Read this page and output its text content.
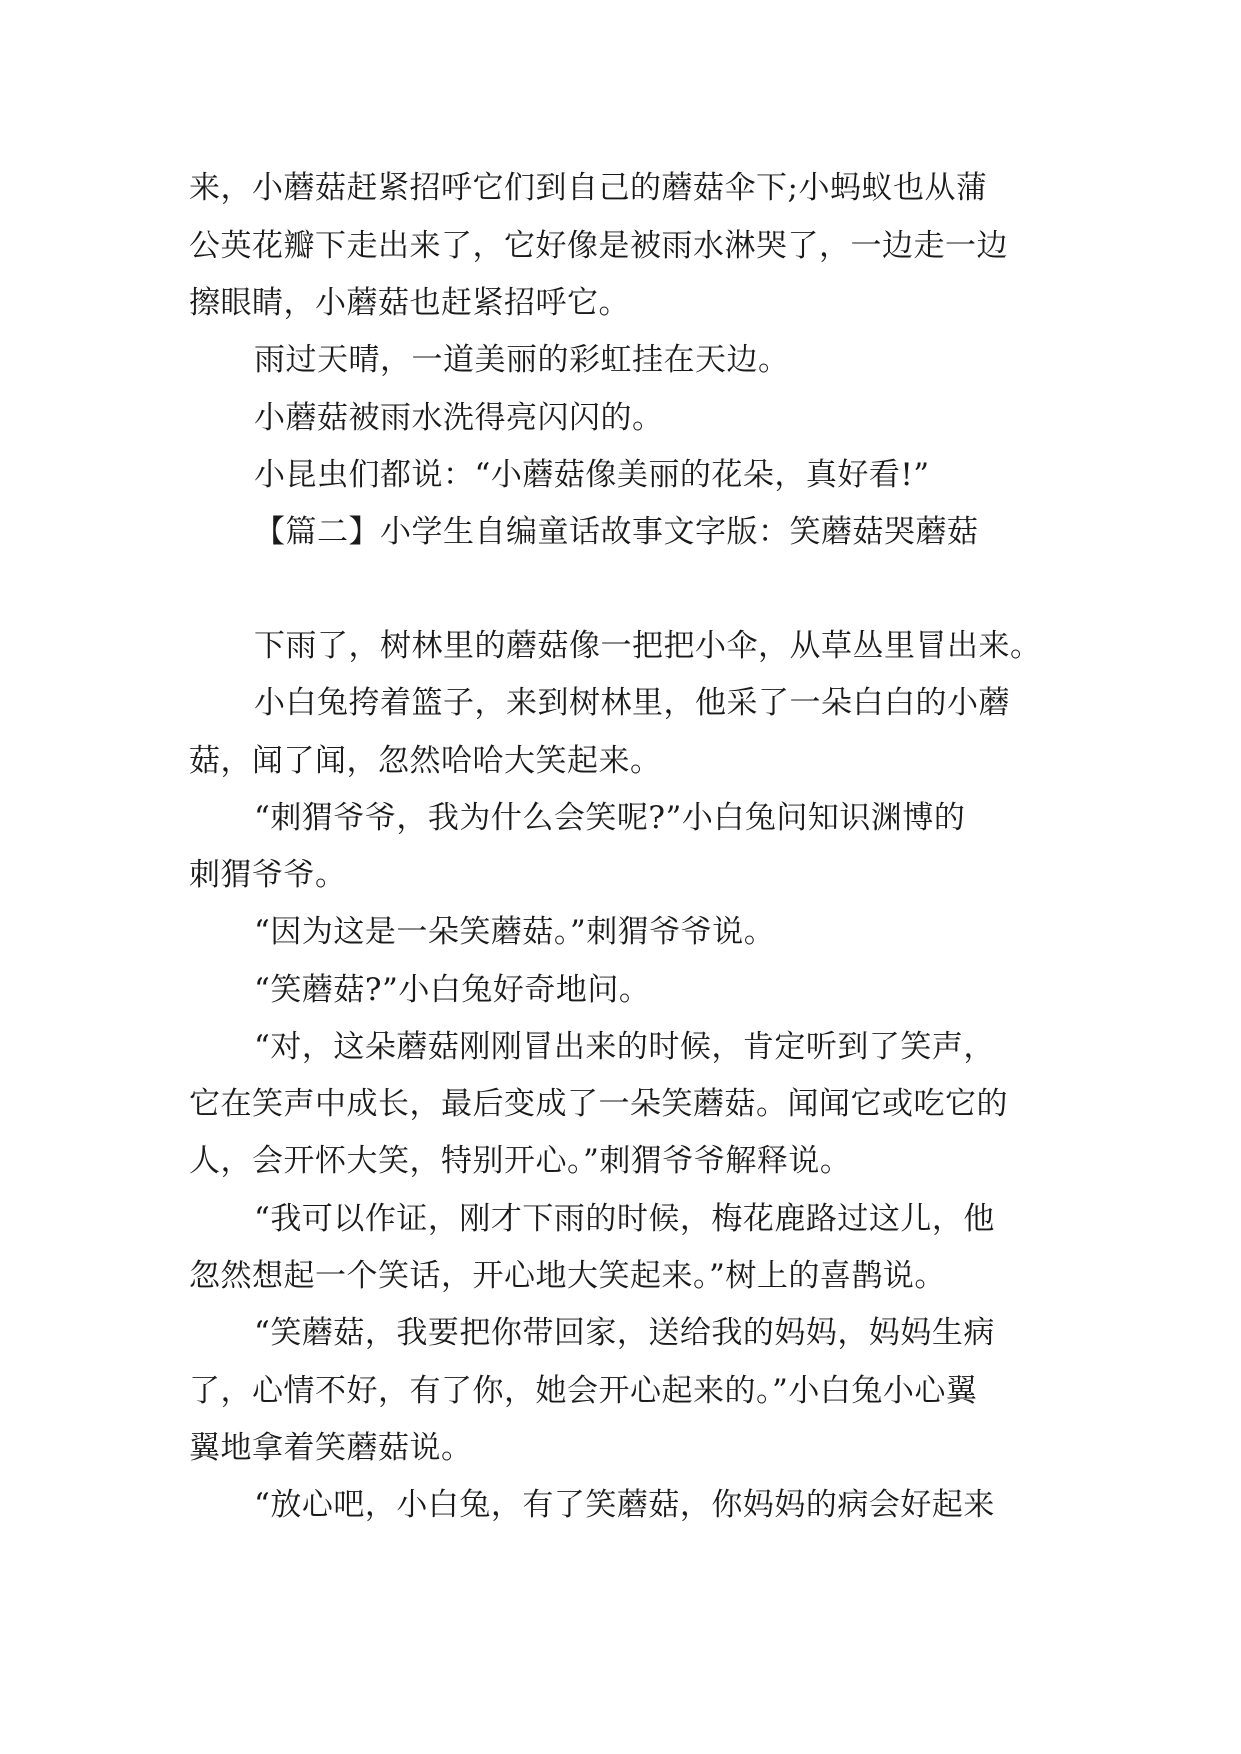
来，小蘑菇赶紧招呼它们到自己的蘑菇伞下;小蚂蚁也从蒲

公英花瓣下走出来了，它好像是被雨水淋哭了，一边走一边

擦眼睛，小蘑菇也赶紧招呼它。

雨过天晴，一道美丽的彩虹挂在天边。

小蘑菇被雨水洗得亮闪闪的。

小昆虫们都说：“小蘑菇像美丽的花朵，真好看!”

【篇二】小学生自编童话故事文字版：笑蘑菇哭蘑菇

下雨了，树林里的蘑菇像一把把小伞，从草丛里冒出来。

小白兔挎着篮子，来到树林里，他采了一朵白白的小蘑

菇，闻了闻，忽然哈哈大笑起来。

“刺猬爷爷，我为什么会笑呢?”小白兔问知识渊博的

刺猬爷爷。

“因为这是一朵笑蘑菇。”刺猬爷爷说。

“笑蘑菇?”小白兔好奇地问。

“对，这朵蘑菇刚刚冒出来的时候，肯定听到了笑声，

它在笑声中成长，最后变成了一朵笑蘑菇。闻闻它或吃它的

人，会开怀大笑，特别开心。”刺猬爷爷解释说。

“我可以作证，刚才下雨的时候，梅花鹿路过这儿，他

忽然想起一个笑话，开心地大笑起来。”树上的喜鹊说。

“笑蘑菇，我要把你带回家，送给我的妈妈，妈妈生病

了，心情不好，有了你，她会开心起来的。”小白兔小心翼

翼地拿着笑蘑菇说。

“放心吧，小白兔，有了笑蘑菇，你妈妈的病会好起来
